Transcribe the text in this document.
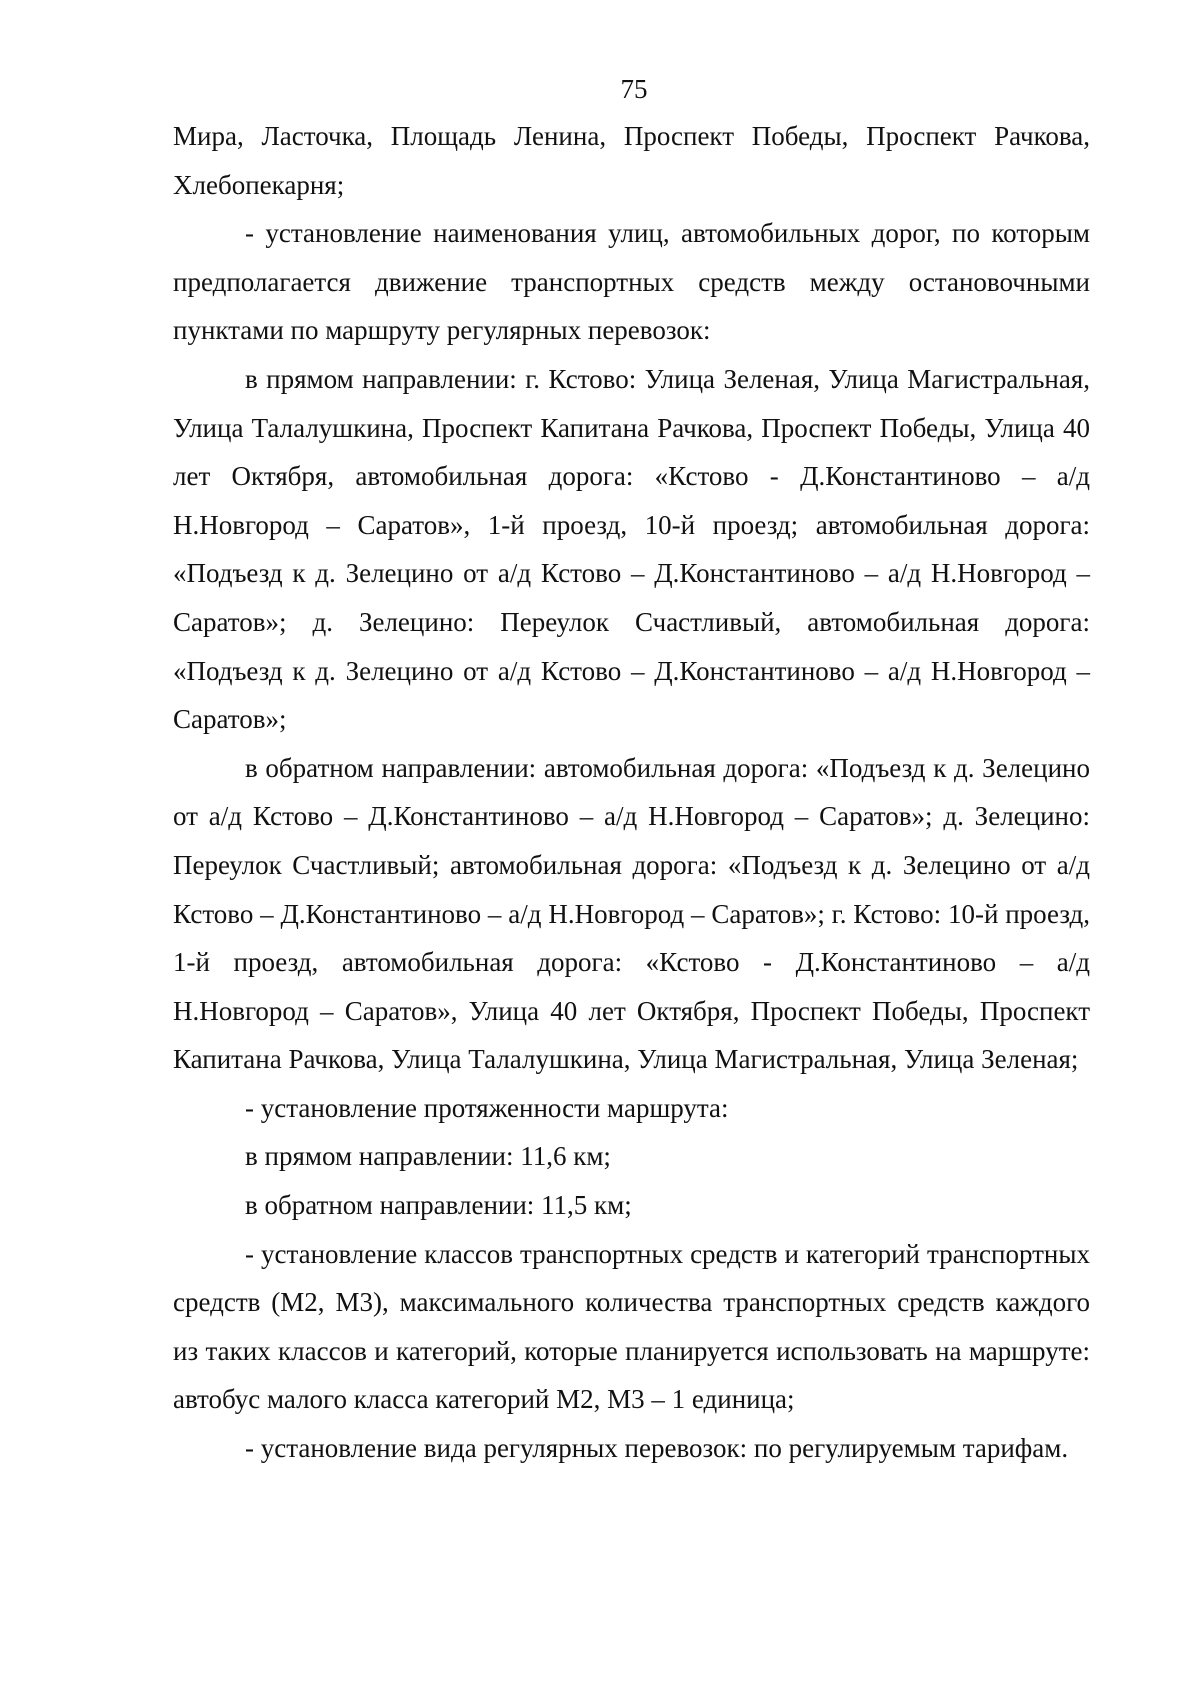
75

Мира, Ласточка, Площадь Ленина, Проспект Победы, Проспект Рачкова, Хлебопекарня;

- установление наименования улиц, автомобильных дорог, по которым предполагается движение транспортных средств между остановочными пунктами по маршруту регулярных перевозок:

в прямом направлении: г. Кстово: Улица Зеленая, Улица Магистральная, Улица Талалушкина, Проспект Капитана Рачкова, Проспект Победы, Улица 40 лет Октября, автомобильная дорога: «Кстово - Д.Константиново – а/д Н.Новгород – Саратов», 1-й проезд, 10-й проезд; автомобильная дорога: «Подъезд к д. Зелецино от а/д Кстово – Д.Константиново – а/д Н.Новгород – Саратов»; д. Зелецино: Переулок Счастливый, автомобильная дорога: «Подъезд к д. Зелецино от а/д Кстово – Д.Константиново – а/д Н.Новгород – Саратов»;

в обратном направлении: автомобильная дорога: «Подъезд к д. Зелецино от а/д Кстово – Д.Константиново – а/д Н.Новгород – Саратов»; д. Зелецино: Переулок Счастливый; автомобильная дорога: «Подъезд к д. Зелецино от а/д Кстово – Д.Константиново – а/д Н.Новгород – Саратов»; г. Кстово: 10-й проезд, 1-й проезд, автомобильная дорога: «Кстово - Д.Константиново – а/д Н.Новгород – Саратов», Улица 40 лет Октября, Проспект Победы, Проспект Капитана Рачкова, Улица Талалушкина, Улица Магистральная, Улица Зеленая;

- установление протяженности маршрута:

в прямом направлении: 11,6 км;

в обратном направлении: 11,5 км;

- установление классов транспортных средств и категорий транспортных средств (М2, М3), максимального количества транспортных средств каждого из таких классов и категорий, которые планируется использовать на маршруте: автобус малого класса категорий М2, М3 – 1 единица;

- установление вида регулярных перевозок: по регулируемым тарифам.
